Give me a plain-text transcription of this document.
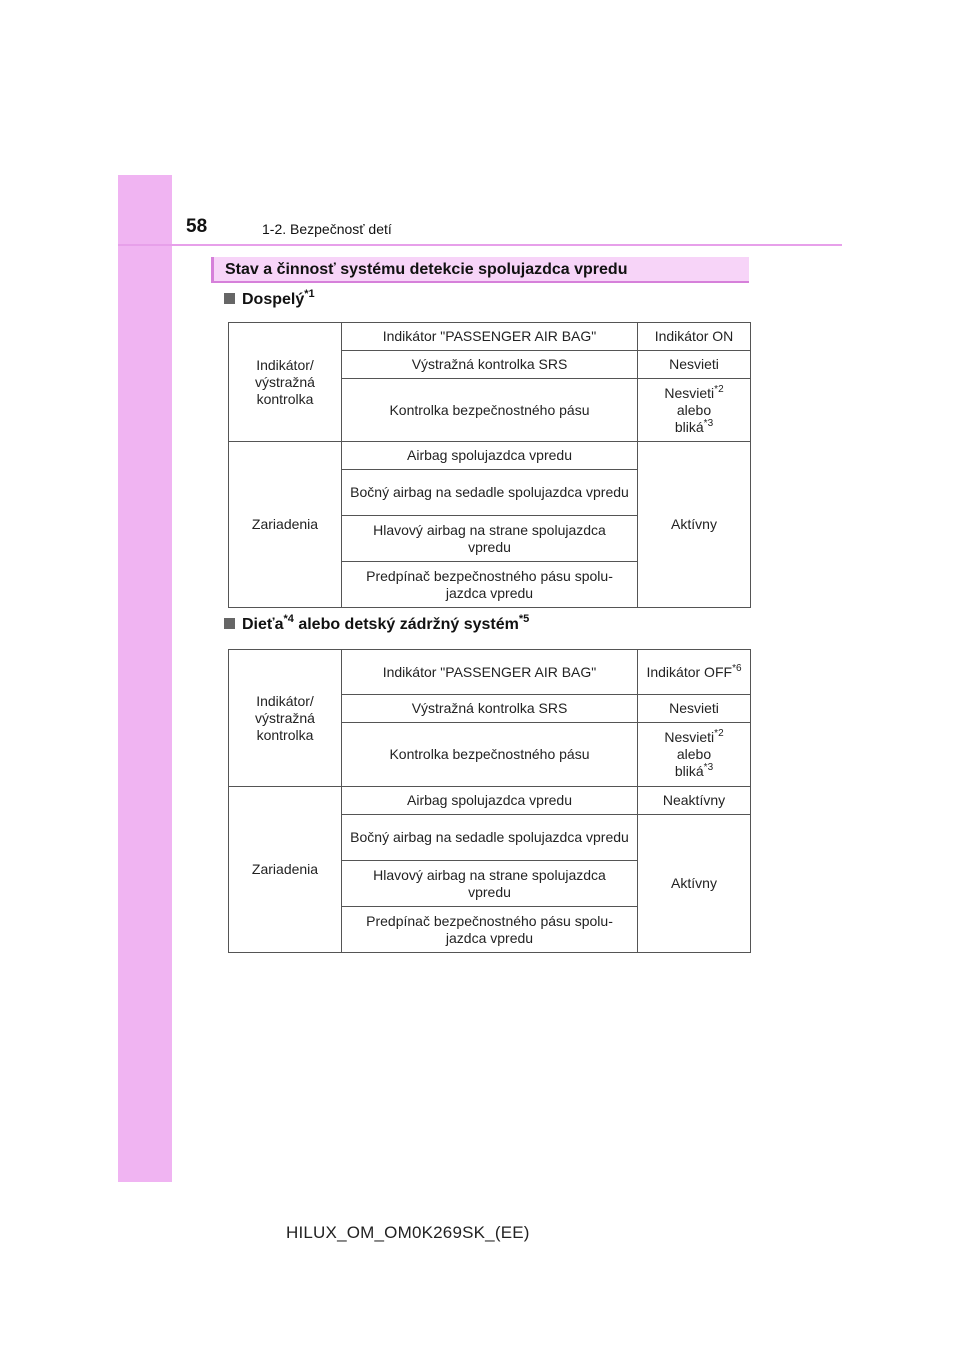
58	1-2. Bezpečnosť detí
Stav a činnosť systému detekcie spolujazdca vpredu
Dospelý$^{*1}$
Indikátor/ výstražná kontrolka	Indikátor "PASSENGER AIR BAG"	Indikátor ON
	Výstražná kontrolka SRS	Nesvieti
	Kontrolka bezpečnostného pásu	Nesvieti$^{*2}$
alebo
bliká$^{*3}$
Zariadenia	Airbag spolujazdca vpredu	Aktívny
	Bočný airbag na sedadle spolujazdca vpredu	
	Hlavový airbag na strane spolujazdca vpredu	
	Predpínač bezpečnostného pásu spolu-jazdca vpredu	
Dieťa$^{*4}$ alebo detský zádržný systém$^{*5}$
Indikátor/ výstražná kontrolka	Indikátor "PASSENGER AIR BAG"	Indikátor OFF$^{*6}$
	Výstražná kontrolka SRS	Nesvieti
	Kontrolka bezpečnostného pásu	Nesvieti$^{*2}$
alebo
bliká$^{*3}$
Zariadenia	Airbag spolujazdca vpredu	Neaktívny
	Bočný airbag na sedadle spolujazdca vpredu	Aktívny
	Hlavový airbag na strane spolujazdca vpredu	
	Predpínač bezpečnostného pásu spolu-jazdca vpredu	
HILUX_OM_OM0K269SK_(EE)
